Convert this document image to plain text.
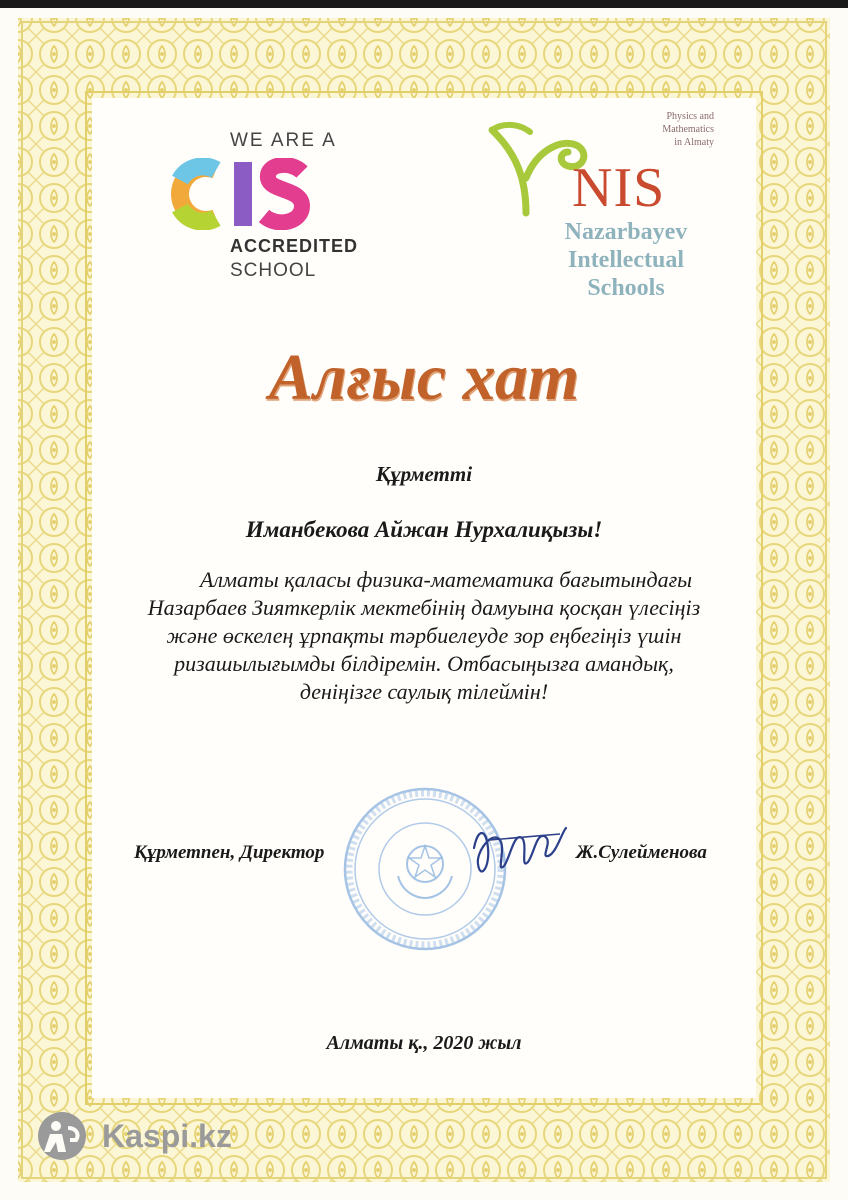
WE ARE A
ACCREDITED
SCHOOL
Physics and
Mathematics
in Almaty
NIS
Nazarbayev
Intellectual
Schools
Алғыс хат
Құрметті
Иманбекова Айжан Нурхалиқызы!
Алматы қаласы физика-математика бағытындағы
Назарбаев Зияткерлік мектебінің дамуына қосқан үлесіңіз
және өскелең ұрпақты тәрбиелеуде зор еңбегіңіз үшін
ризашылығымды білдіремін. Отбасыңызға амандық,
денiңізге саулық тілеймін!
Құрметпен, Директор	Ж.Сулейменова
Алматы қ., 2020 жыл
Kaspi.kz
